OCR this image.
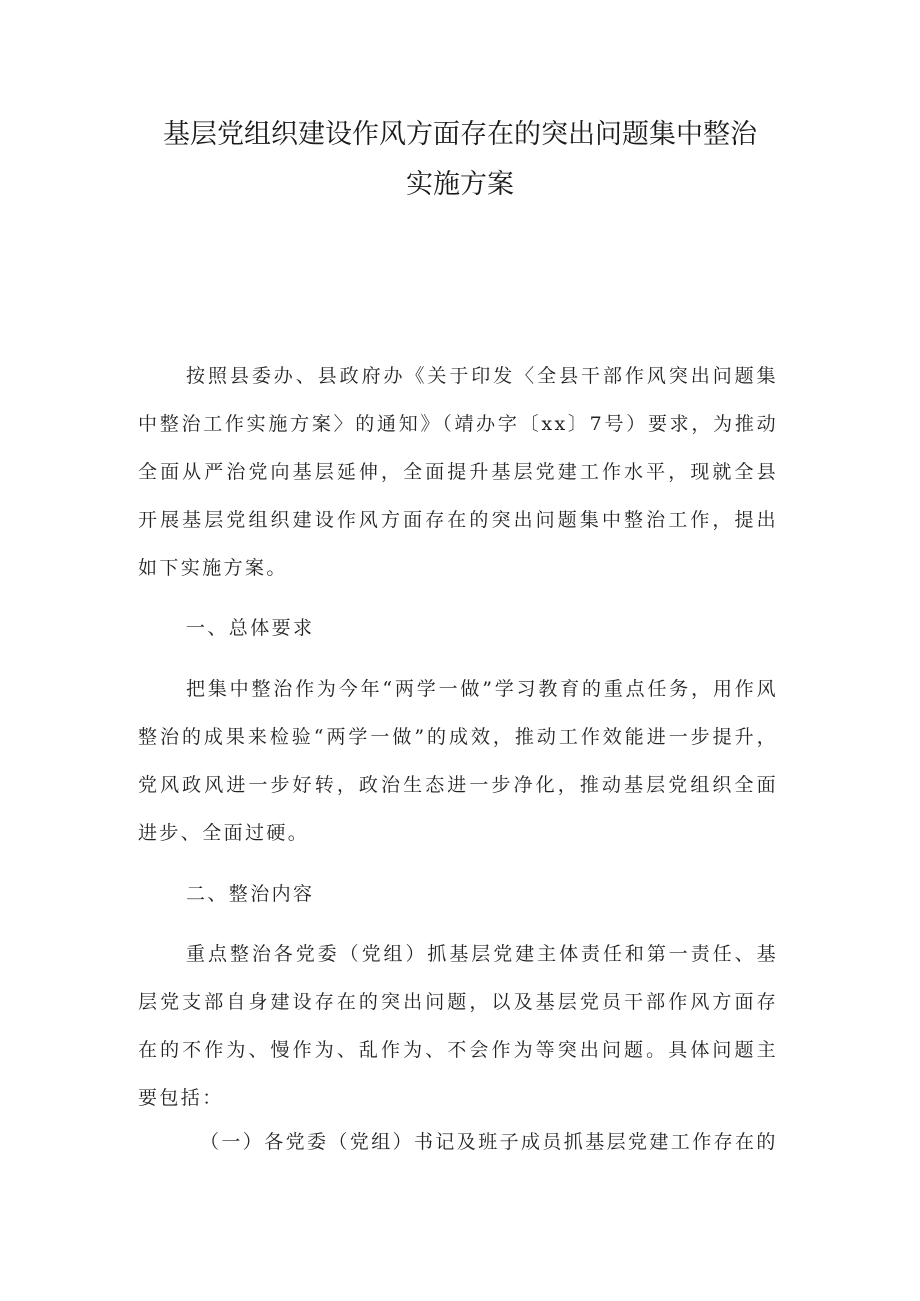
基层党组织建设作风方面存在的突出问题集中整治
实施方案

按照县委办、县政府办《关于印发〈全县干部作风突出问题集中整治工作实施方案〉的通知》（靖办字〔xx〕7号）要求，为推动全面从严治党向基层延伸，全面提升基层党建工作水平，现就全县开展基层党组织建设作风方面存在的突出问题集中整治工作，提出如下实施方案。

一、总体要求

把集中整治作为今年“两学一做”学习教育的重点任务，用作风整治的成果来检验“两学一做”的成效，推动工作效能进一步提升，党风政风进一步好转，政治生态进一步净化，推动基层党组织全面进步、全面过硬。

二、整治内容

重点整治各党委（党组）抓基层党建主体责任和第一责任、基层党支部自身建设存在的突出问题，以及基层党员干部作风方面存在的不作为、慢作为、乱作为、不会作为等突出问题。具体问题主要包括：

（一）各党委（党组）书记及班子成员抓基层党建工作存在的
